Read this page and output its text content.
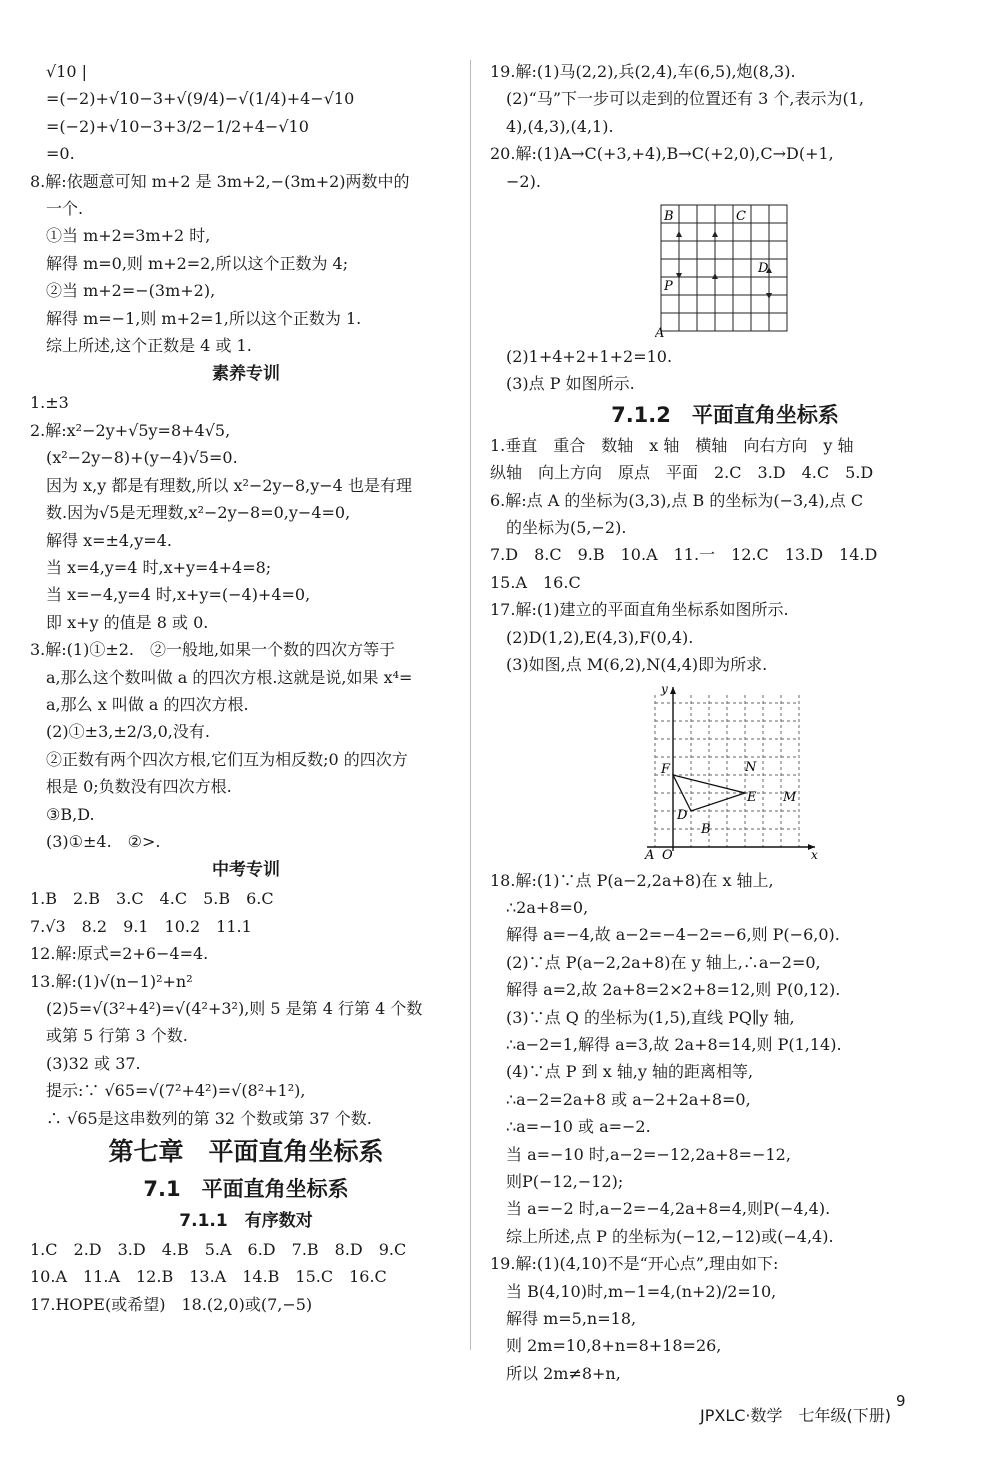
√10 |
=(−2)+√10−3+√(9/4)−√(1/4)+4−√10
=(−2)+√10−3+3/2−1/2+4−√10
=0.
8.解:依题意可知 m+2 是 3m+2,−(3m+2)两数中的
一个.
①当 m+2=3m+2 时,
解得 m=0,则 m+2=2,所以这个正数为 4;
②当 m+2=−(3m+2),
解得 m=−1,则 m+2=1,所以这个正数为 1.
综上所述,这个正数是 4 或 1.
素养专训
1.±3
2.解:x²−2y+√5y=8+4√5,
(x²−2y−8)+(y−4)√5=0.
因为 x,y 都是有理数,所以 x²−2y−8,y−4 也是有理
数.因为√5是无理数,x²−2y−8=0,y−4=0,
解得 x=±4,y=4.
当 x=4,y=4 时,x+y=4+4=8;
当 x=−4,y=4 时,x+y=(−4)+4=0,
即 x+y 的值是 8 或 0.
3.解:(1)①±2.　②一般地,如果一个数的四次方等于
a,那么这个数叫做 a 的四次方根.这就是说,如果 x⁴=
a,那么 x 叫做 a 的四次方根.
(2)①±3,±2/3,0,没有.
②正数有两个四次方根,它们互为相反数;0 的四次方
根是 0;负数没有四次方根.
③B,D.
(3)①±4.　②>.
中考专训
1.B　2.B　3.C　4.C　5.B　6.C
7.√3　8.2　9.1　10.2　11.1
12.解:原式=2+6−4=4.
13.解:(1)√(n−1)²+n²
(2)5=√(3²+4²)=√(4²+3²),则 5 是第 4 行第 4 个数
或第 5 行第 3 个数.
(3)32 或 37.
提示:∵ √65=√(7²+4²)=√(8²+1²),
∴ √65是这串数列的第 32 个数或第 37 个数.
第七章　平面直角坐标系
7.1　平面直角坐标系
7.1.1　有序数对
1.C　2.D　3.D　4.B　5.A　6.D　7.B　8.D　9.C
10.A　11.A　12.B　13.A　14.B　15.C　16.C
17.HOPE(或希望)　18.(2,0)或(7,−5)
19.解:(1)马(2,2),兵(2,4),车(6,5),炮(8,3).
(2)“马”下一步可以走到的位置还有 3 个,表示为(1,
4),(4,3),(4,1).
20.解:(1)A→C(+3,+4),B→C(+2,0),C→D(+1,
−2).
B	C
D
P
A
(2)1+4+2+1+2=10.
(3)点 P 如图所示.
7.1.2　平面直角坐标系
1.垂直　重合　数轴　x 轴　横轴　向右方向　y 轴
纵轴　向上方向　原点　平面　2.C　3.D　4.C　5.D
6.解:点 A 的坐标为(3,3),点 B 的坐标为(−3,4),点 C
的坐标为(5,−2).
7.D　8.C　9.B　10.A　11.一　12.C　13.D　14.D
15.A　16.C
17.解:(1)建立的平面直角坐标系如图所示.
(2)D(1,2),E(4,3),F(0,4).
(3)如图,点 M(6,2),N(4,4)即为所求.
y
x
O
A
F
E
D
B
N
M
18.解:(1)∵点 P(a−2,2a+8)在 x 轴上,
∴2a+8=0,
解得 a=−4,故 a−2=−4−2=−6,则 P(−6,0).
(2)∵点 P(a−2,2a+8)在 y 轴上,∴a−2=0,
解得 a=2,故 2a+8=2×2+8=12,则 P(0,12).
(3)∵点 Q 的坐标为(1,5),直线 PQ∥y 轴,
∴a−2=1,解得 a=3,故 2a+8=14,则 P(1,14).
(4)∵点 P 到 x 轴,y 轴的距离相等,
∴a−2=2a+8 或 a−2+2a+8=0,
∴a=−10 或 a=−2.
当 a=−10 时,a−2=−12,2a+8=−12,
则P(−12,−12);
当 a=−2 时,a−2=−4,2a+8=4,则P(−4,4).
综上所述,点 P 的坐标为(−12,−12)或(−4,4).
19.解:(1)(4,10)不是“开心点”,理由如下:
当 B(4,10)时,m−1=4,(n+2)/2=10,
解得 m=5,n=18,
则 2m=10,8+n=8+18=26,
所以 2m≠8+n,
9
JPXLC·数学　七年级(下册)
